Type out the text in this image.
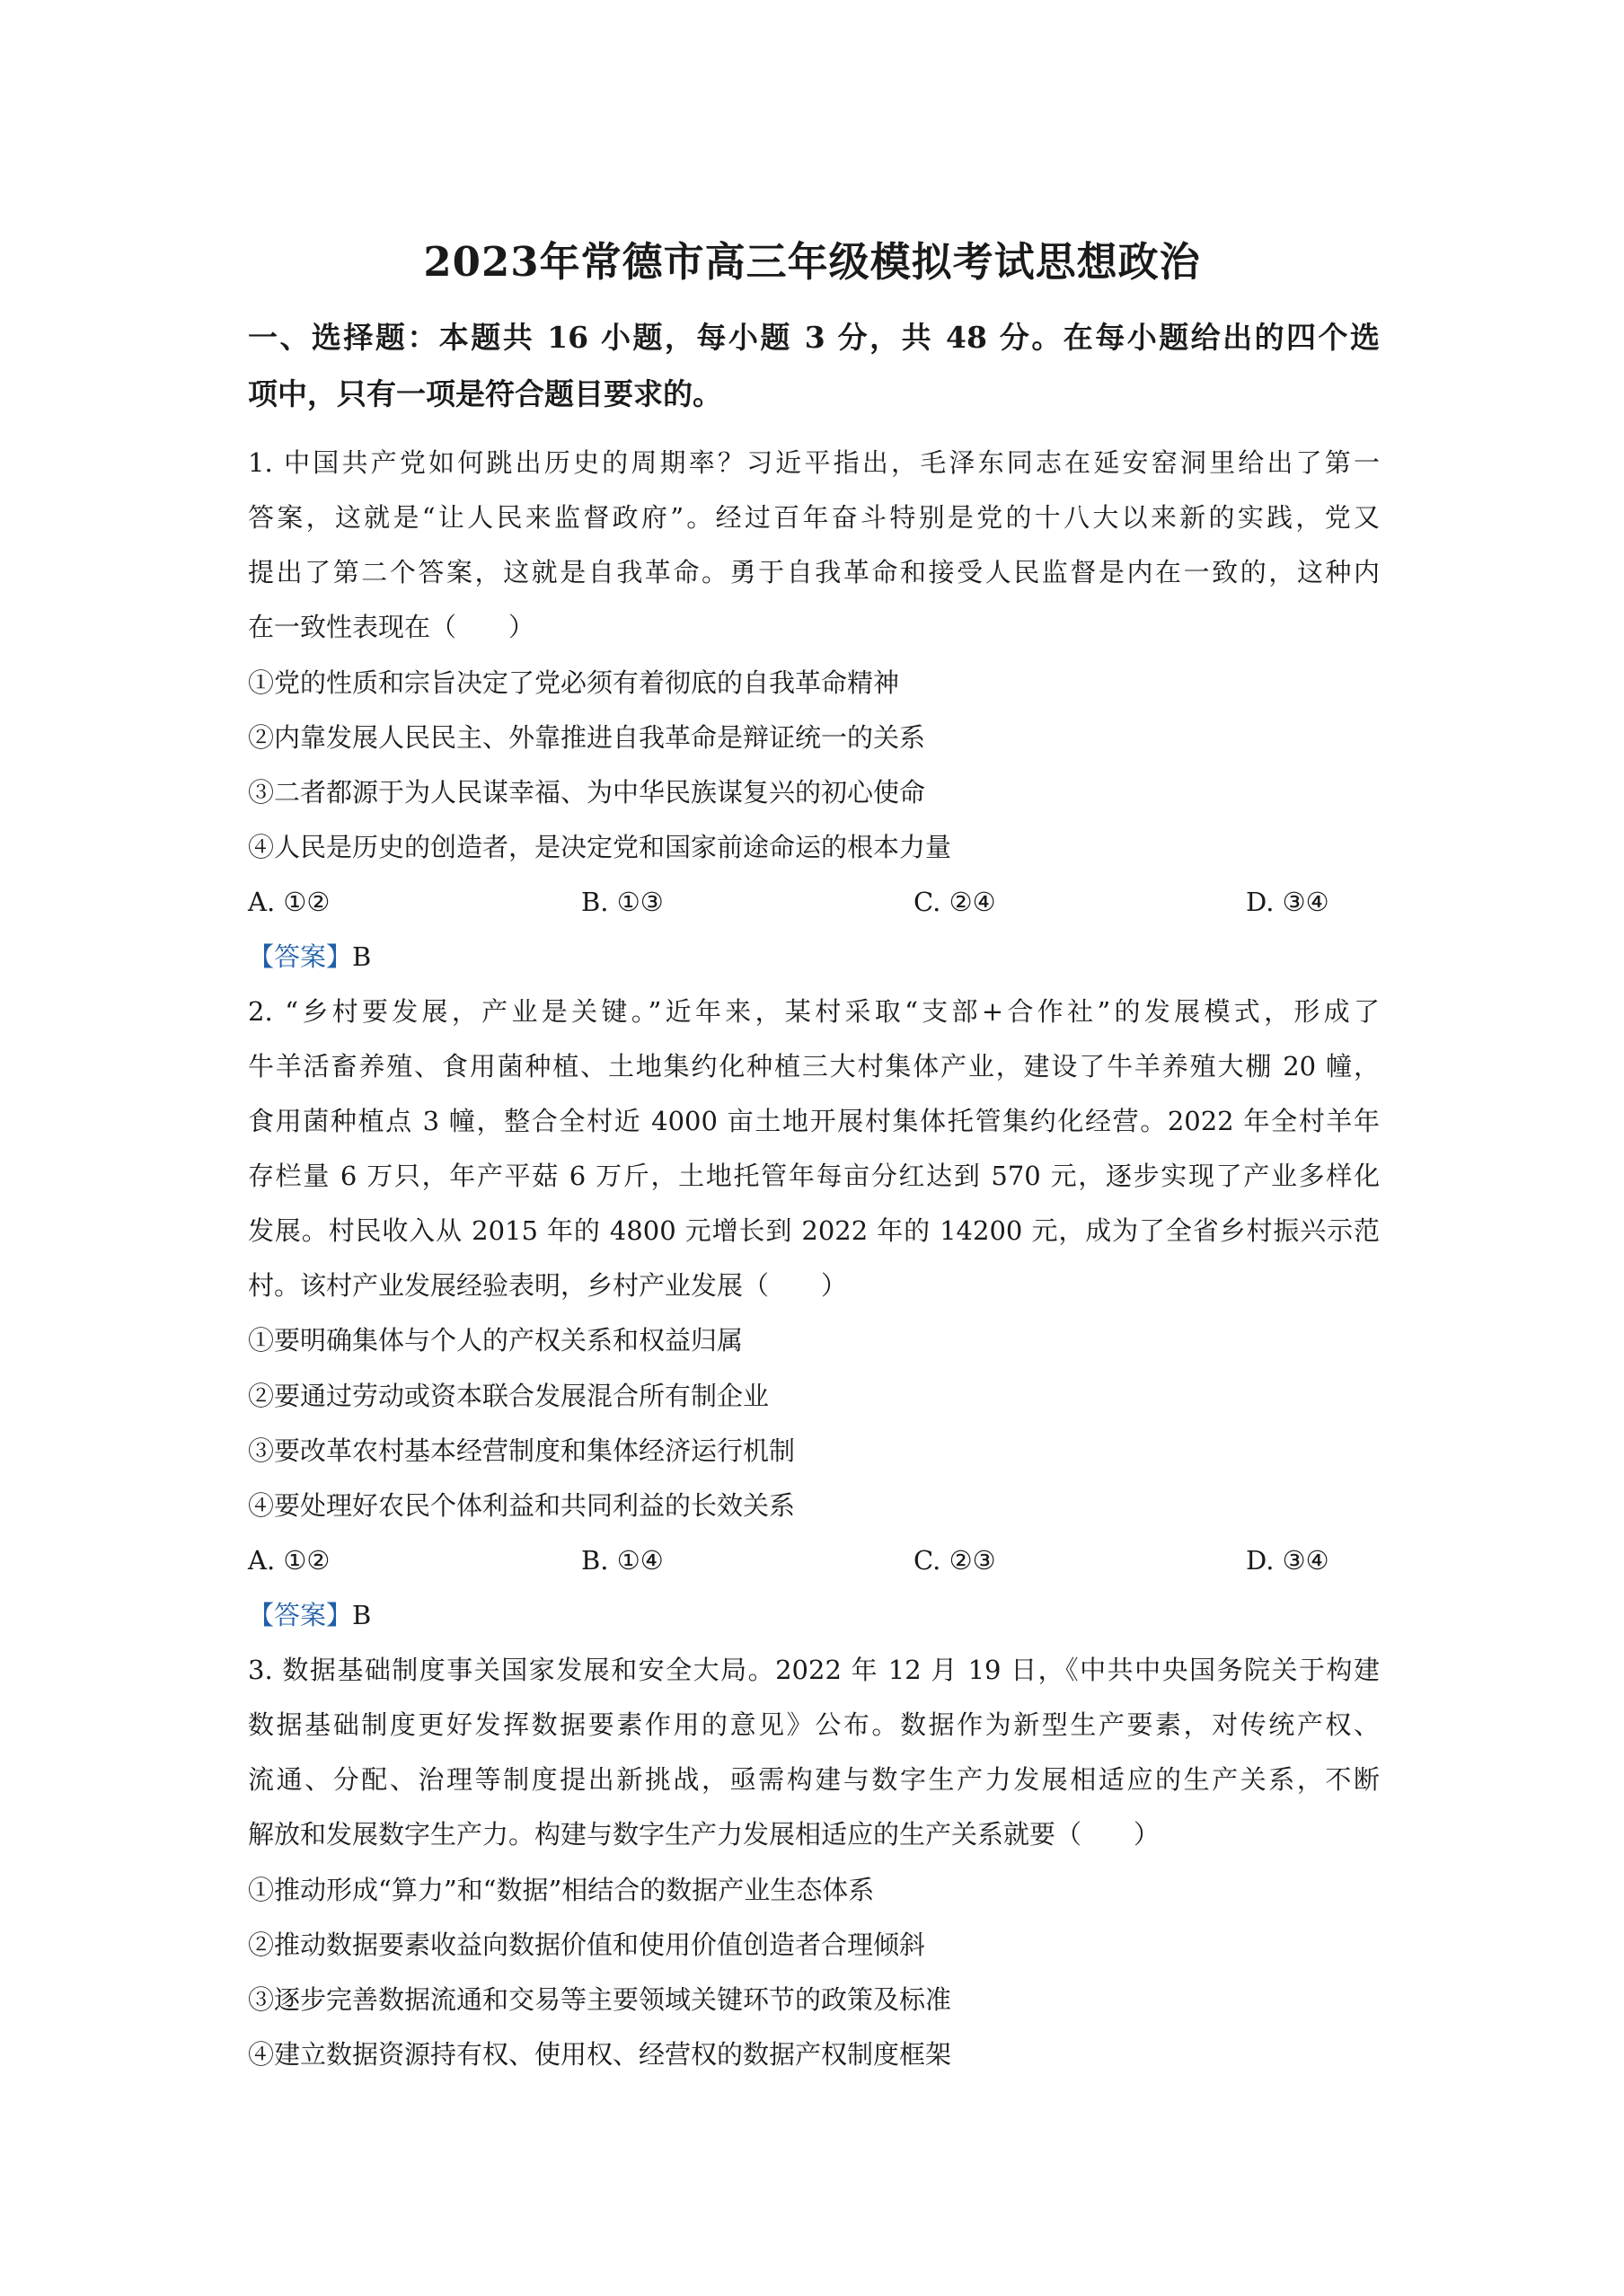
2023年常德市高三年级模拟考试思想政治
一、选择题：本题共 16 小题，每小题 3 分，共 48 分。在每小题给出的四个选
项中，只有一项是符合题目要求的。
1. 中国共产党如何跳出历史的周期率？习近平指出，毛泽东同志在延安窑洞里给出了第一
答案，这就是“让人民来监督政府”。经过百年奋斗特别是党的十八大以来新的实践，党又
提出了第二个答案，这就是自我革命。勇于自我革命和接受人民监督是内在一致的，这种内
在一致性表现在（　　）
①党的性质和宗旨决定了党必须有着彻底的自我革命精神
②内靠发展人民民主、外靠推进自我革命是辩证统一的关系
③二者都源于为人民谋幸福、为中华民族谋复兴的初心使命
④人民是历史的创造者，是决定党和国家前途命运的根本力量
A. ①②	B. ①③	C. ②④	D. ③④
【答案】B
2. “乡村要发展，产业是关键。”近年来，某村采取“支部+合作社”的发展模式，形成了
牛羊活畜养殖、食用菌种植、土地集约化种植三大村集体产业，建设了牛羊养殖大棚 20 幢，
食用菌种植点 3 幢，整合全村近 4000 亩土地开展村集体托管集约化经营。2022 年全村羊年
存栏量 6 万只，年产平菇 6 万斤，土地托管年每亩分红达到 570 元，逐步实现了产业多样化
发展。村民收入从 2015 年的 4800 元增长到 2022 年的 14200 元，成为了全省乡村振兴示范
村。该村产业发展经验表明，乡村产业发展（　　）
①要明确集体与个人的产权关系和权益归属
②要通过劳动或资本联合发展混合所有制企业
③要改革农村基本经营制度和集体经济运行机制
④要处理好农民个体利益和共同利益的长效关系
A. ①②	B. ①④	C. ②③	D. ③④
【答案】B
3. 数据基础制度事关国家发展和安全大局。2022 年 12 月 19 日，《中共中央国务院关于构建
数据基础制度更好发挥数据要素作用的意见》公布。数据作为新型生产要素，对传统产权、
流通、分配、治理等制度提出新挑战，亟需构建与数字生产力发展相适应的生产关系，不断
解放和发展数字生产力。构建与数字生产力发展相适应的生产关系就要（　　）
①推动形成“算力”和“数据”相结合的数据产业生态体系
②推动数据要素收益向数据价值和使用价值创造者合理倾斜
③逐步完善数据流通和交易等主要领域关键环节的政策及标准
④建立数据资源持有权、使用权、经营权的数据产权制度框架
